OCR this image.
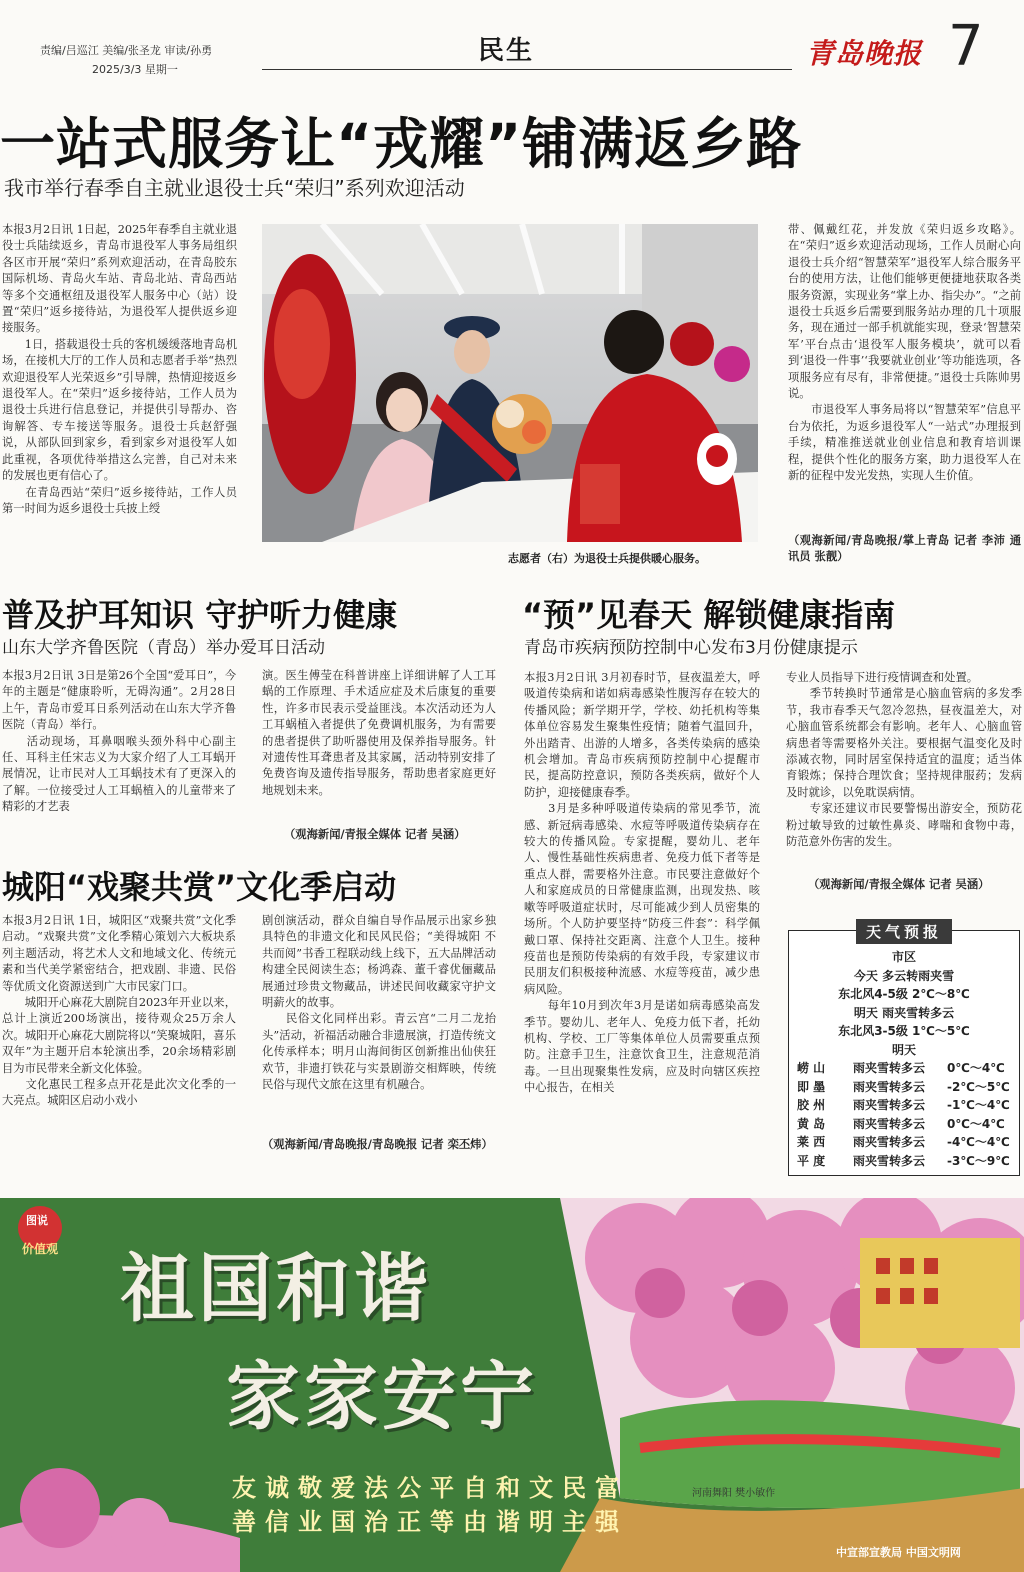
责编/吕巡江 美编/张圣龙 审读/孙勇
2025/3/3 星期一
民生	青岛晚报 7
一站式服务让“戎耀”铺满返乡路
我市举行春季自主就业退役士兵“荣归”系列欢迎活动
本报3月2日讯 1日起，2025年春季自主就业退役士兵陆续返乡，青岛市退役军人事务局组织各区市开展“荣归”系列欢迎活动，在青岛胶东国际机场、青岛火车站、青岛北站、青岛西站等多个交通枢纽及退役军人服务中心（站）设置“荣归”返乡接待站，为退役军人提供返乡迎接服务。
　　1日，搭载退役士兵的客机缓缓落地青岛机场，在接机大厅的工作人员和志愿者手举“热烈欢迎退役军人光荣返乡”引导牌，热情迎接返乡退役军人。在“荣归”返乡接待站，工作人员为退役士兵进行信息登记，并提供引导帮办、咨询解答、专车接送等服务。退役士兵赵舒强说，从部队回到家乡，看到家乡对退役军人如此重视，各项优待举措这么完善，自己对未来的发展也更有信心了。
　　在青岛西站“荣归”返乡接待站，工作人员第一时间为返乡退役士兵披上绶
志愿者（右）为退役士兵提供暖心服务。
带、佩戴红花，并发放《荣归返乡攻略》。在“荣归”返乡欢迎活动现场，工作人员耐心向退役士兵介绍“智慧荣军”退役军人综合服务平台的使用方法，让他们能够更便捷地获取各类服务资源，实现业务“掌上办、指尖办”。“之前退役士兵返乡后需要到服务站办理的几十项服务，现在通过一部手机就能实现，登录‘智慧荣军’平台点击‘退役军人服务模块’，就可以看到‘退役一件事’‘我要就业创业’等功能选项，各项服务应有尽有，非常便捷。”退役士兵陈帅男说。
　　市退役军人事务局将以“智慧荣军”信息平台为依托，为返乡退役军人“一站式”办理报到手续，精准推送就业创业信息和教育培训课程，提供个性化的服务方案，助力退役军人在新的征程中发光发热，实现人生价值。
（观海新闻/青岛晚报/掌上青岛 记者 李沛 通讯员 张靓）
普及护耳知识 守护听力健康
山东大学齐鲁医院（青岛）举办爱耳日活动
本报3月2日讯 3日是第26个全国“爱耳日”，今年的主题是“健康聆听，无碍沟通”。2月28日上午，青岛市爱耳日系列活动在山东大学齐鲁医院（青岛）举行。
　　活动现场，耳鼻咽喉头颈外科中心副主任、耳科主任宋志义为大家介绍了人工耳蜗开展情况，让市民对人工耳蜗技术有了更深入的了解。一位接受过人工耳蜗植入的儿童带来了精彩的才艺表
演。医生傅莹在科普讲座上详细讲解了人工耳蜗的工作原理、手术适应症及术后康复的重要性，许多市民表示受益匪浅。本次活动还为人工耳蜗植入者提供了免费调机服务，为有需要的患者提供了助听器使用及保养指导服务。针对遗传性耳聋患者及其家属，活动特别安排了免费咨询及遗传指导服务，帮助患者家庭更好地规划未来。
（观海新闻/青报全媒体 记者 吴涵）
城阳“戏聚共赏”文化季启动
本报3月2日讯 1日，城阳区“戏聚共赏”文化季启动。“戏聚共赏”文化季精心策划六大板块系列主题活动，将艺术人文和地域文化、传统元素和当代美学紧密结合，把戏剧、非遗、民俗等优质文化资源送到广大市民家门口。
　　城阳开心麻花大剧院自2023年开业以来，总计上演近200场演出，接待观众25万余人次。城阳开心麻花大剧院将以“笑聚城阳，喜乐双年”为主题开启本轮演出季，20余场精彩剧目为市民带来全新文化体验。
　　文化惠民工程多点开花是此次文化季的一大亮点。城阳区启动小戏小
剧创演活动，群众自编自导作品展示出家乡独具特色的非遗文化和民风民俗；“美得城阳 不共而阅”书香工程联动线上线下，五大品牌活动构建全民阅读生态；杨鸿森、董千睿优俪藏品展通过珍贵文物藏品，讲述民间收藏家守护文明薪火的故事。
　　民俗文化同样出彩。青云宫“二月二龙抬头”活动，祈福活动融合非遗展演，打造传统文化传承样本；明月山海间街区创新推出仙侠狂欢节，非遗打铁花与实景剧游交相辉映，传统民俗与现代文旅在这里有机融合。
（观海新闻/青岛晚报/青岛晚报 记者 栾丕炜）
“预”见春天 解锁健康指南
青岛市疾病预防控制中心发布3月份健康提示
本报3月2日讯 3月初春时节，昼夜温差大，呼吸道传染病和诺如病毒感染性腹泻存在较大的传播风险；新学期开学，学校、幼托机构等集体单位容易发生聚集性疫情；随着气温回升，外出踏青、出游的人增多，各类传染病的感染机会增加。青岛市疾病预防控制中心提醒市民，提高防控意识，预防各类疾病，做好个人防护，迎接健康春季。
　　3月是多种呼吸道传染病的常见季节，流感、新冠病毒感染、水痘等呼吸道传染病存在较大的传播风险。专家提醒，婴幼儿、老年人、慢性基础性疾病患者、免疫力低下者等是重点人群，需要格外注意。市民要注意做好个人和家庭成员的日常健康监测，出现发热、咳嗽等呼吸道症状时，尽可能减少到人员密集的场所。个人防护要坚持“防疫三件套”：科学佩戴口罩、保持社交距离、注意个人卫生。接种疫苗也是预防传染病的有效手段，专家建议市民朋友们积极接种流感、水痘等疫苗，减少患病风险。
　　每年10月到次年3月是诺如病毒感染高发季节。婴幼儿、老年人、免疫力低下者，托幼机构、学校、工厂等集体单位人员需要重点预防。注意手卫生，注意饮食卫生，注意规范消毒。一旦出现聚集性发病，应及时向辖区疾控中心报告，在相关
专业人员指导下进行疫情调查和处置。
　　季节转换时节通常是心脑血管病的多发季节，我市春季天气忽冷忽热，昼夜温差大，对心脑血管系统都会有影响。老年人、心脑血管病患者等需要格外关注。要根据气温变化及时添减衣物，同时居室保持适宜的温度；适当体育锻炼；保持合理饮食；坚持规律服药；发病及时就诊，以免耽误病情。
　　专家还建议市民要警惕出游安全，预防花粉过敏导致的过敏性鼻炎、哮喘和食物中毒，防范意外伤害的发生。
（观海新闻/青报全媒体 记者 吴涵）
天气预报
市区
今天 多云转雨夹雪
东北风4-5级 2℃～8℃
明天 雨夹雪转多云
东北风3-5级 1℃～5℃
明天
崂 山	雨夹雪转多云	0℃～4℃
即 墨	雨夹雪转多云	-2℃～5℃
胶 州	雨夹雪转多云	-1℃～4℃
黄 岛	雨夹雪转多云	0℃～4℃
莱 西	雨夹雪转多云	-4℃～4℃
平 度	雨夹雪转多云	-3℃～9℃
图说
价值观 祖国和谐
家家安宁
友诚敬爱法公平自和文民富
善信业国治正等由谐明主强
河南舞阳 樊小敏作
中宣部宣教局 中国文明网
